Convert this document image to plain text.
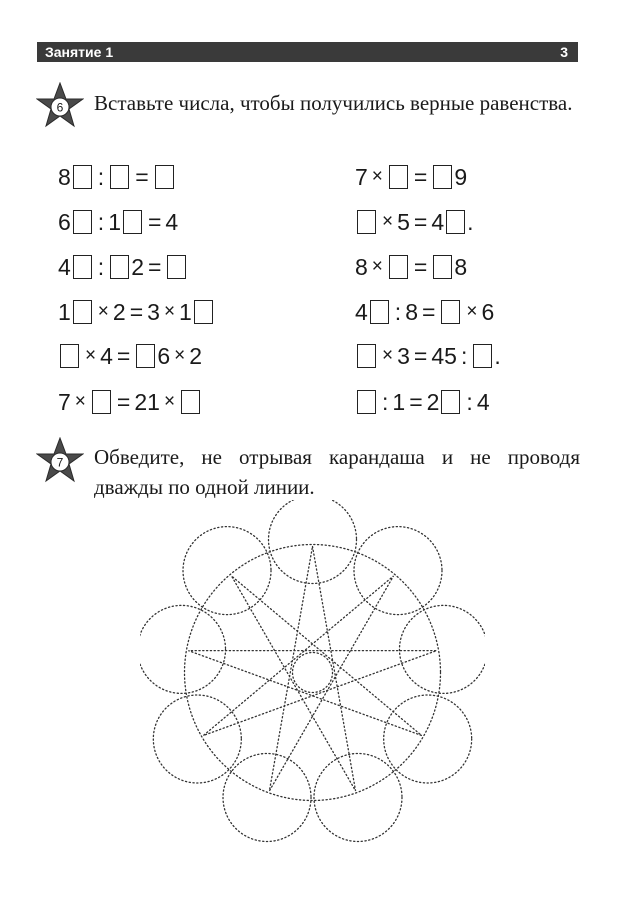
Занятие 1	3
6 Вставьте числа, чтобы получились верные равенства.
8 : =
6 : 1 = 4
4 : 2 =
1 × 2 = 3 × 1
× 4 = 6 × 2
7 × = 21 ×
7 × = 9
× 5 = 4 .
8 × = 8
4 : 8 = × 6
× 3 = 45 : .
: 1 = 2 : 4
7 Обведите, не отрывая карандаша и не проводя дважды по одной линии.
